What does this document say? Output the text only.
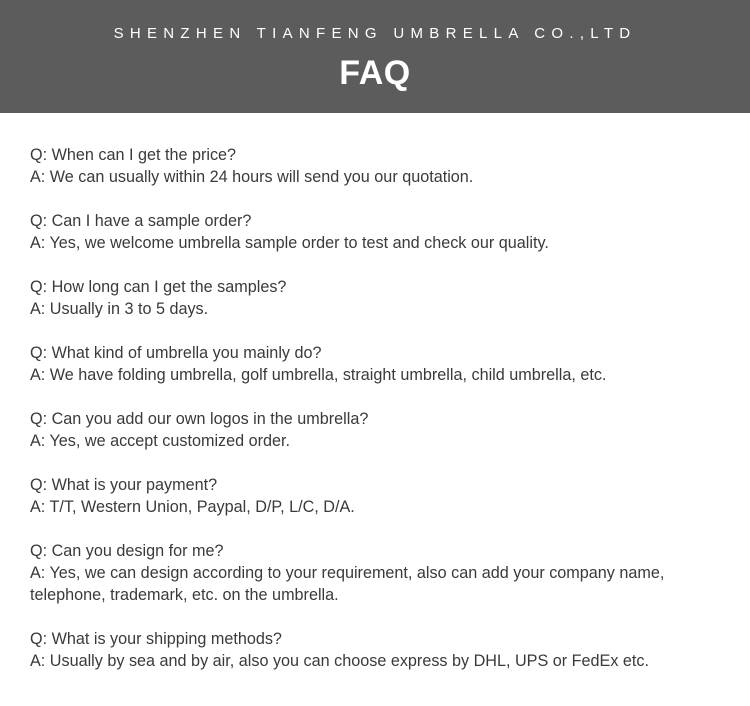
SHENZHEN TIANFENG UMBRELLA CO.,LTD
FAQ
Q: When can I get the price?
A: We can usually within 24 hours will send you our quotation.
Q: Can I have a sample order?
A: Yes, we welcome umbrella sample order to test and check our quality.
Q: How long can I get the samples?
A: Usually in 3 to 5 days.
Q: What kind of umbrella you mainly do?
A: We have folding umbrella, golf umbrella, straight umbrella, child umbrella, etc.
Q: Can you add our own logos in the umbrella?
A: Yes, we accept customized order.
Q: What is your payment?
A: T/T, Western Union, Paypal, D/P, L/C, D/A.
Q: Can you design for me?
A: Yes, we can design according to your requirement, also can add your company name, telephone, trademark, etc. on the umbrella.
Q: What is your shipping methods?
A: Usually by sea and by air, also you can choose express by DHL, UPS or FedEx etc.
